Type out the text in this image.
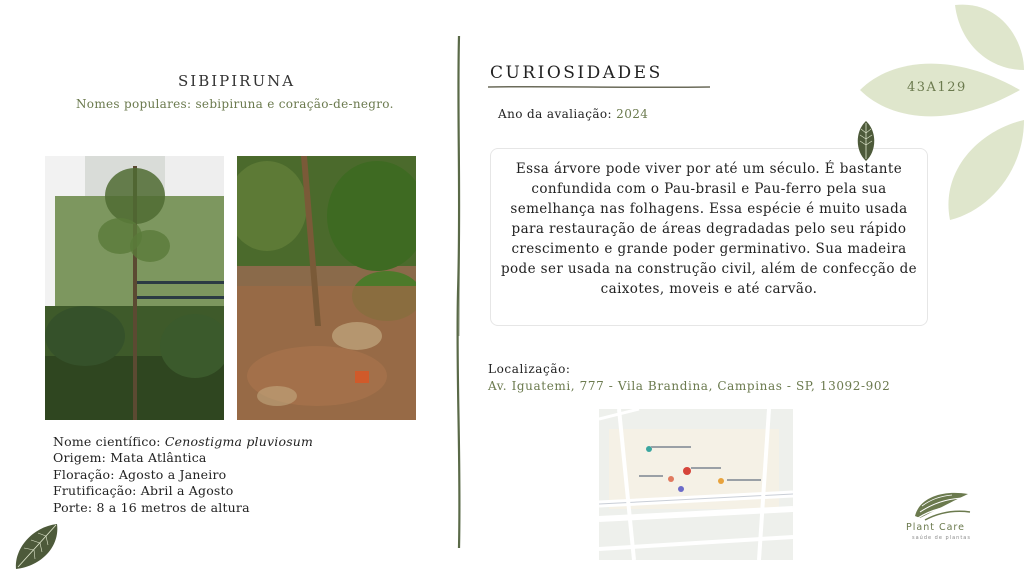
SIBIPIRUNA
Nomes populares: sebipiruna e coração-de-negro.
Nome científico: Cenostigma pluviosum
Origem: Mata Atlântica
Floração: Agosto a Janeiro
Frutificação: Abril a Agosto
Porte: 8 a 16 metros de altura
CURIOSIDADES
Ano da avaliação: 2024
Essa árvore pode viver por até um século. É bastante confundida com o Pau-brasil e Pau-ferro pela sua semelhança nas folhagens. Essa espécie é muito usada para restauração de áreas degradadas pelo seu rápido crescimento e grande poder germinativo. Sua madeira pode ser usada na construção civil, além de confecção de caixotes, moveis e até carvão.
Localização:
Av. Iguatemi, 777 - Vila Brandina, Campinas - SP, 13092-902
43A129
Plant Care
saúde de plantas
